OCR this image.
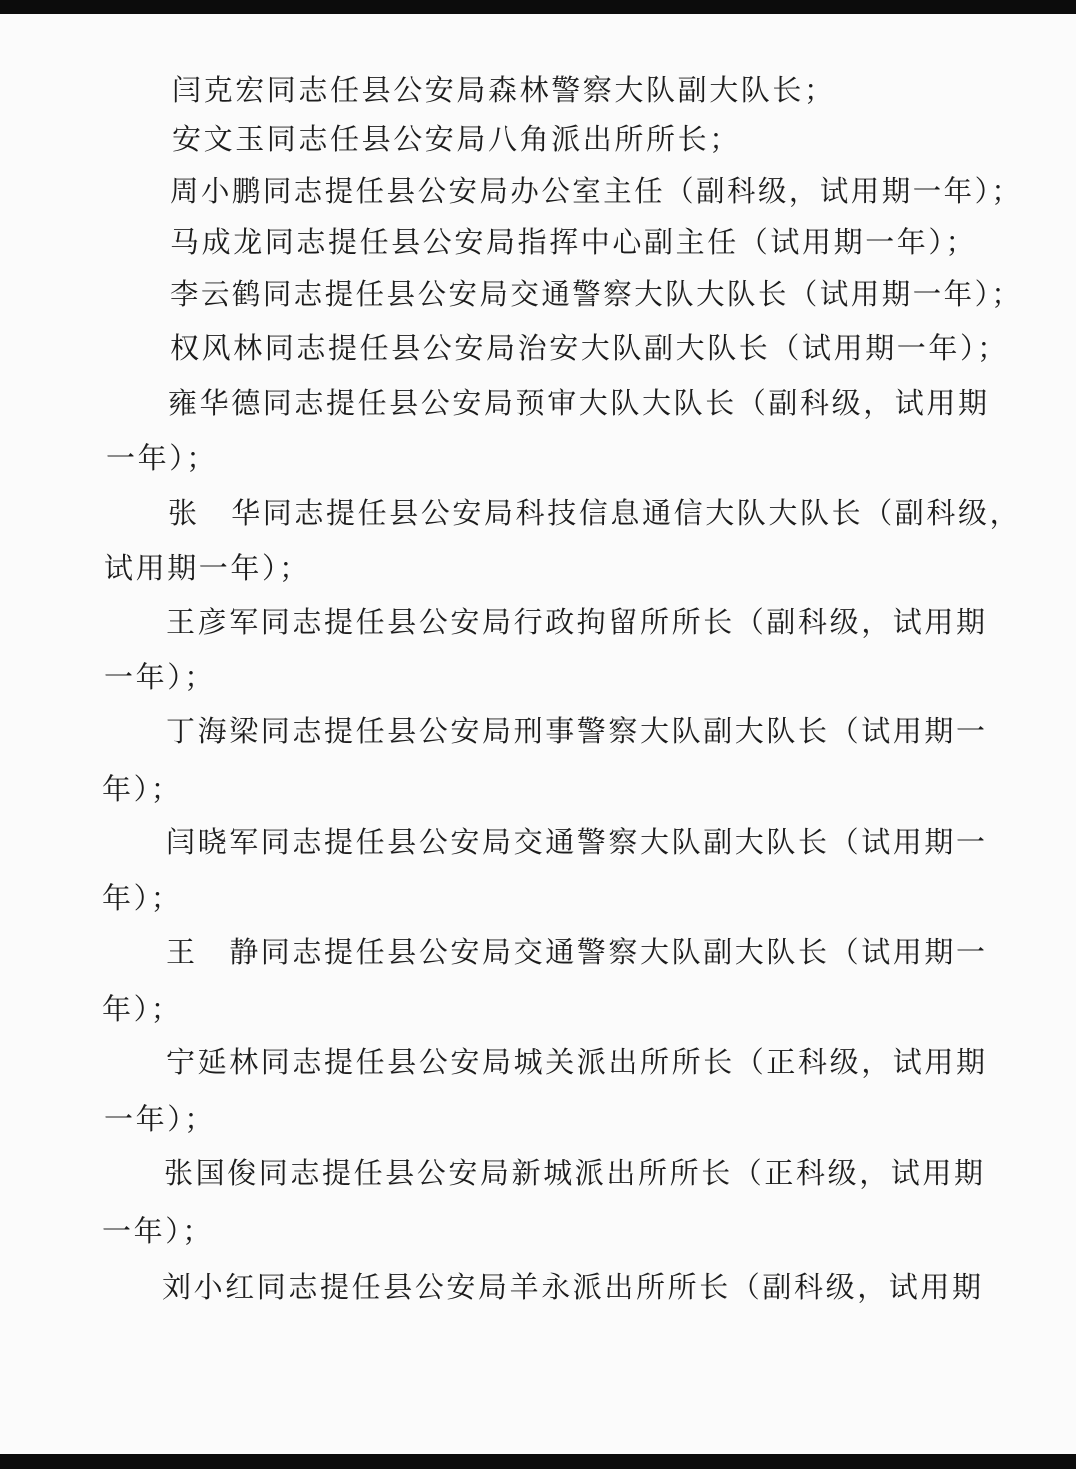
闫克宏同志任县公安局森林警察大队副大队长；

安文玉同志任县公安局八角派出所所长；

周小鹏同志提任县公安局办公室主任（副科级，试用期一年）；

马成龙同志提任县公安局指挥中心副主任（试用期一年）；

李云鹤同志提任县公安局交通警察大队大队长（试用期一年）；

权风林同志提任县公安局治安大队副大队长（试用期一年）；

雍华德同志提任县公安局预审大队大队长（副科级，试用期

一年）；

张　华同志提任县公安局科技信息通信大队大队长（副科级，

试用期一年）；

王彦军同志提任县公安局行政拘留所所长（副科级，试用期

一年）；

丁海梁同志提任县公安局刑事警察大队副大队长（试用期一

年）；

闫晓军同志提任县公安局交通警察大队副大队长（试用期一

年）；

王　静同志提任县公安局交通警察大队副大队长（试用期一

年）；

宁延林同志提任县公安局城关派出所所长（正科级，试用期

一年）；

张国俊同志提任县公安局新城派出所所长（正科级，试用期

一年）；

刘小红同志提任县公安局羊永派出所所长（副科级，试用期
